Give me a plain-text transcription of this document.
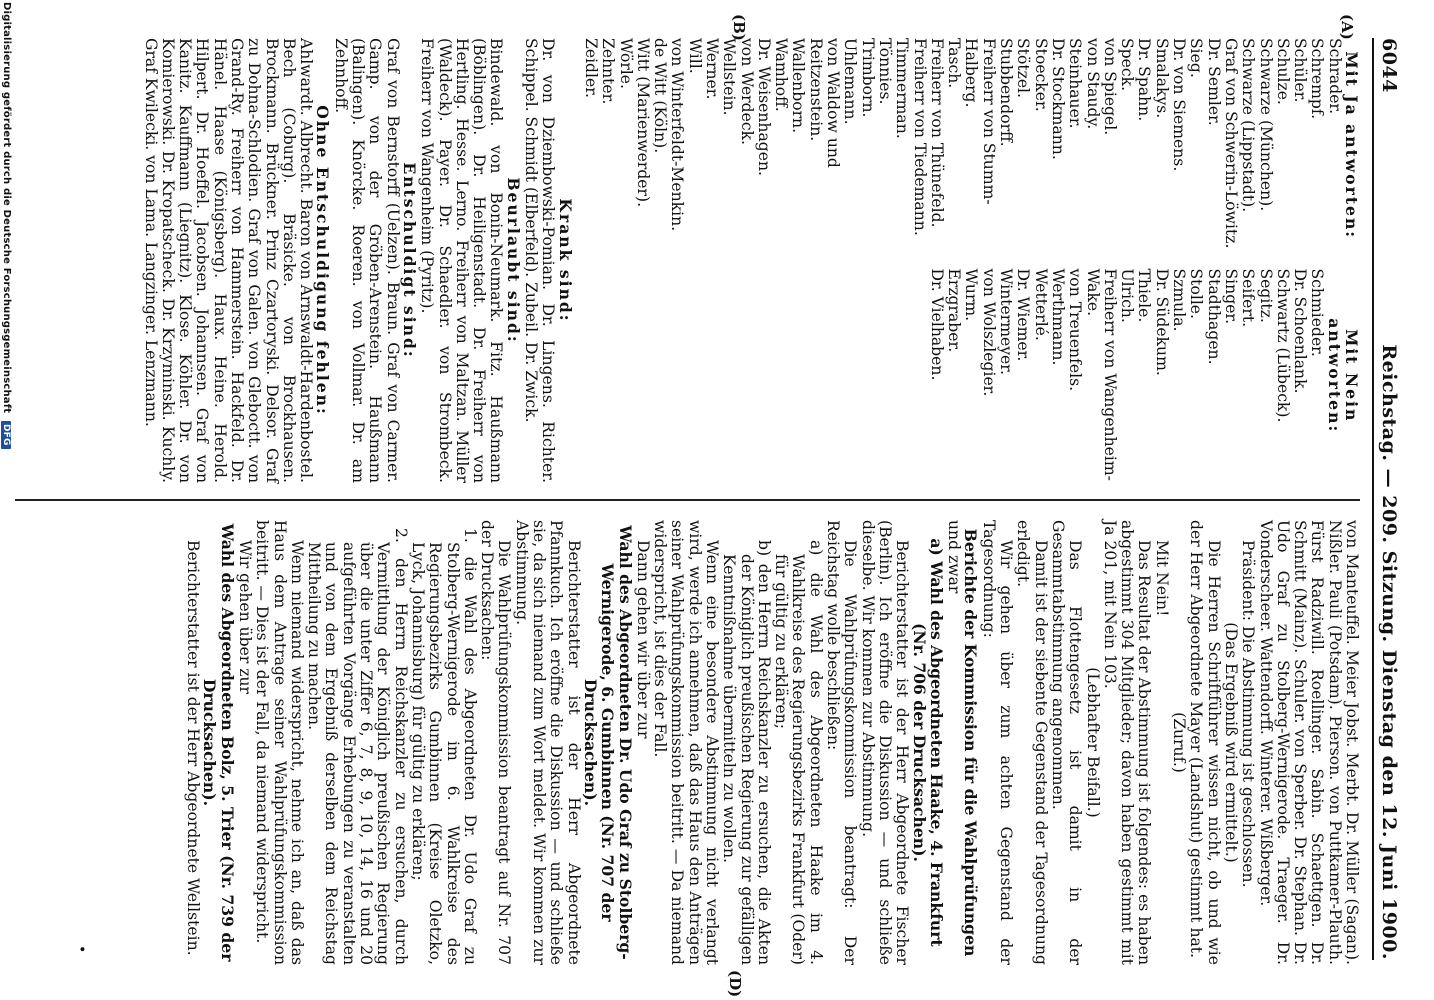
6044
Reichstag. — 209. Sitzung. Dienstag den 12. Juni 1900.
(A)
(B)
(D)
Mit Ja antworten:
Schrader.
Schrempf.
Schüler.
Schulze.
Schwarze (München).
Schwarze (Lippstadt).
Graf von Schwerin-Löwitz.
Dr. Semler.
Sieg.
Dr. von Siemens.
Smalakys.
Dr. Spahn.
Speck.
von Spiegel.
von Staudy.
Steinhauer.
Dr. Stockmann.
Stoecker.
Stötzel.
Stubbendorff.
Freiherr von Stumm-Halberg.
Tasch.
Freiherr von Thünefeld.
Freiherr von Tiedemann.
Timmerman.
Tönnies.
Trimborn.
Uhlemann.
von Waldow und Reitzenstein.
Wallenborn.
Wamhoff.
Dr. Weisenhagen.
von Werdeck.
Wellstein.
Werner.
Will.
von Winterfeldt-Menkin.
de Witt (Köln).
Witt (Marienwerder).
Wörle.
Zehnter.
Zeidler.
Mit Nein antworten:
Schmieder.
Dr. Schoenlank.
Schwartz (Lübeck).
Segitz.
Seifert.
Singer.
Stadthagen.
Stolle.
Szmula.
Dr. Südekum.
Thiele.
Ulrich.
Freiherr von Wangenheim-Wake.
von Treuenfels.
Werthmann.
Wetterlé.
Dr. Wiemer.
Wintermeyer.
von Wolszlegier.
Wurm.
Erzgraber.
Dr. Vielhaben.
Krank sind:
Dr. von Dziembowski-Pomian. Dr. Lingens. Richter. Schippel. Schmidt (Elberfeld). Zubeil. Dr. Zwick.
Beurlaubt sind:
Bindewald. von Bonin-Neumark. Fitz. Haußmann (Böblingen). Dr. Heiligenstadt. Dr. Freiherr von Hertling. Hesse. Lerno. Freiherr von Maltzan. Müller (Waldeck). Payer. Dr. Schaedler. von Strombeck. Freiherr von Wangenheim (Pyritz).
Entschuldigt sind:
Graf von Bernstorff (Uelzen). Braun. Graf von Carmer. Gamp. von der Gröben-Arenstein. Haußmann (Balingen). Knörcke. Roeren. von Vollmar. Dr. am Zehnhoff.
Ohne Entschuldigung fehlen:
Ahlwardt. Albrecht. Baron von Arnswaldt-Hardenbostel. Bech (Coburg). Bräsicke. von Brockhausen. Brockmann. Brückner. Prinz Czartoryski. Delsor. Graf zu Dohna-Schlodien. Graf von Galen. von Gleboctt. von Grand-Ry. Freiherr von Hammerstein. Hackfeld. Dr. Hänel. Haase (Königsberg). Haux. Heine. Herold. Hilpert. Dr. Hoeffel. Jacobsen. Johannsen. Graf von Kanitz. Kauffmann (Liegnitz). Klose. Köhler. Dr. von Komierowski. Dr. Kropatscheck. Dr. Krzyminski. Kuchly. Graf Kwilecki. von Lama. Langzinger. Lenzmann.
von Manteuffel. Meier Jobst. Merbt. Dr. Müller (Sagan). Nißler. Pauli (Potsdam). Pierson. von Puttkamer-Plauth. Fürst Radziwill. Roellinger. Sabin. Schaettgen. Dr. Schmitt (Mainz). Schuler. von Sperber. Dr. Stephan. Dr. Udo Graf zu Stolberg-Wernigerode. Traeger. Dr. Vonderscheer. Wattendorff. Winterer. Wißberger.
Präsident: Die Abstimmung ist geschlossen.
(Das Ergebniß wird ermittelt.)
Die Herren Schriftführer wissen nicht, ob und wie der Herr Abgeordnete Mayer (Landshut) gestimmt hat.
(Zuruf.)
Mit Nein!
Das Resultat der Abstimmung ist folgendes: es haben abgestimmt 304 Mitglieder; davon haben gestimmt mit Ja 201, mit Nein 103.
(Lebhafter Beifall.)
Das Flottengesetz ist damit in der Gesammtabstimmung angenommen.
Damit ist der siebente Gegenstand der Tagesordnung erledigt.
Wir gehen über zum achten Gegenstand der Tagesordnung:
Berichte der Kommission für die Wahlprüfungen
und zwar
a) Wahl des Abgeordneten Haake, 4. Frankfurt (Nr. 706 der Drucksachen).
Berichterstatter ist der Herr Abgeordnete Fischer (Berlin). Ich eröffne die Diskussion — und schließe dieselbe. Wir kommen zur Abstimmung.
Die Wahlprüfungskommission beantragt: Der Reichstag wolle beschließen:
a) die Wahl des Abgeordneten Haake im 4. Wahlkreise des Regierungsbezirks Frankfurt (Oder) für gültig zu erklären;
b) den Herrn Reichskanzler zu ersuchen, die Akten der Königlich preußischen Regierung zur gefälligen Kenntnißnahme übermitteln zu wollen.
Wenn eine besondere Abstimmung nicht verlangt wird, werde ich annehmen, daß das Haus den Anträgen seiner Wahlprüfungskommission beitritt. — Da niemand widerspricht, ist dies der Fall.
Dann gehen wir über zur
Wahl des Abgeordneten Dr. Udo Graf zu Stolberg-Wernigerode, 6. Gumbinnen (Nr. 707 der Drucksachen).
Berichterstatter ist der Herr Abgeordnete Pfannkuch. Ich eröffne die Diskussion — und schließe sie, da sich niemand zum Wort meldet. Wir kommen zur Abstimmung.
Die Wahlprüfungskommission beantragt auf Nr. 707 der Drucksachen:
1. die Wahl des Abgeordneten Dr. Udo Graf zu Stolberg-Wernigerode im 6. Wahlkreise des Regierungsbezirks Gumbinnen (Kreise Oletzko, Lyck, Johannisburg) für gültig zu erklären;
2. den Herrn Reichskanzler zu ersuchen, durch Vermittlung der Königlich preußischen Regierung über die unter Ziffer 6, 7, 8, 9, 10, 14, 16 und 20 aufgeführten Vorgänge Erhebungen zu veranstalten und von dem Ergebniß derselben dem Reichstag Mittheilung zu machen.
Wenn niemand widerspricht, nehme ich an, daß das Haus dem Antrage seiner Wahlprüfungskommission beitritt. — Dies ist der Fall, da niemand widerspricht.
Wir gehen über zur
Wahl des Abgeordneten Bolz, 5. Trier (Nr. 739 der Drucksachen).
Berichterstatter ist der Herr Abgeordnete Wellstein.
•
Digitalisierung gefördert durch die Deutsche Forschungsgemeinschaft DFG
